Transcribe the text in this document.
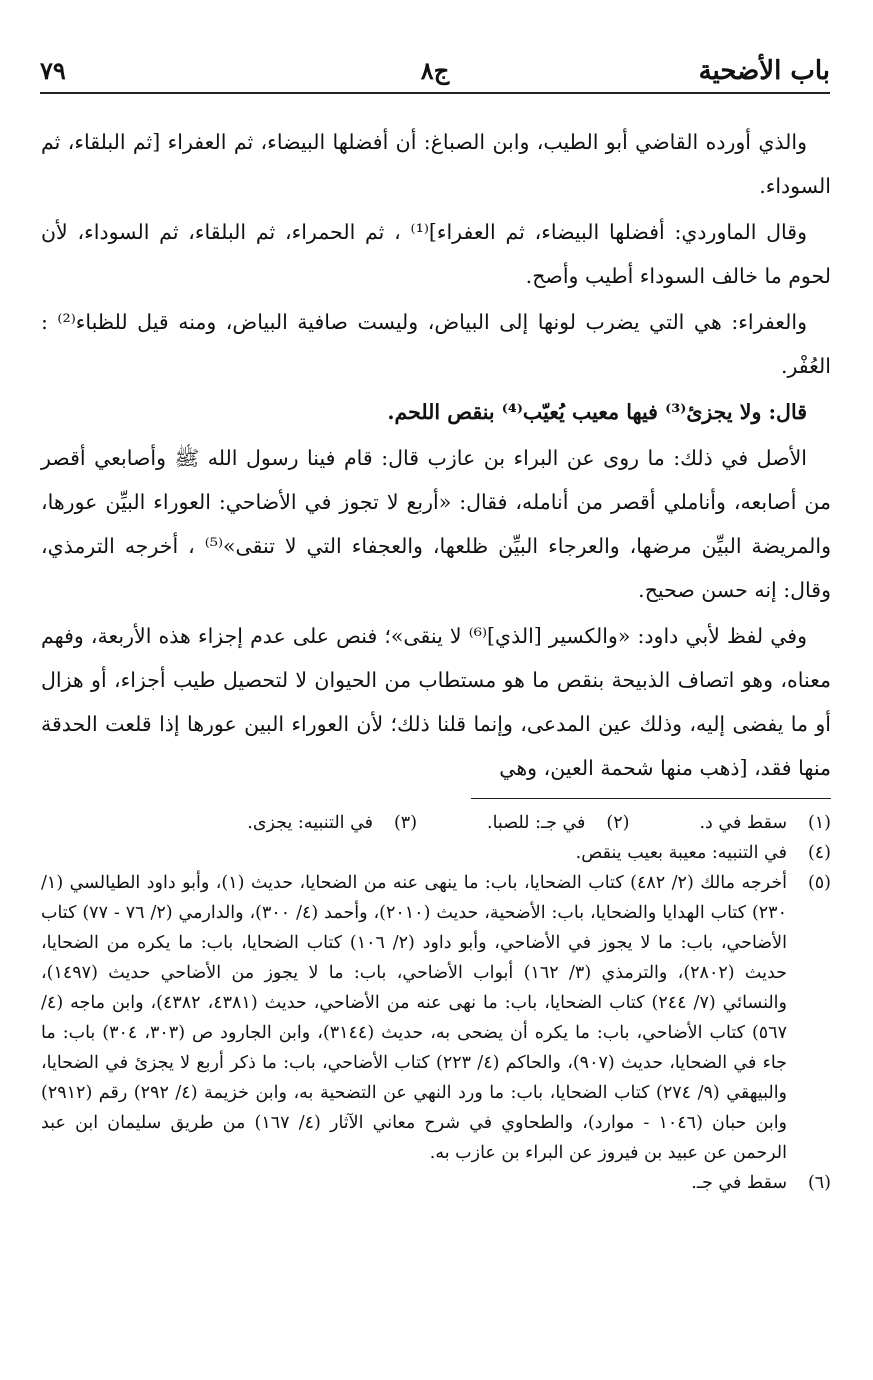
باب الأضحية
ج٨
٧٩

والذي أورده القاضي أبو الطيب، وابن الصباغ: أن أفضلها البيضاء، ثم العفراء [ثم البلقاء، ثم السوداء.

وقال الماوردي: أفضلها البيضاء، ثم العفراء]⁽¹⁾ ، ثم الحمراء، ثم البلقاء، ثم السوداء، لأن لحوم ما خالف السوداء أطيب وأصح.

والعفراء: هي التي يضرب لونها إلى البياض، وليست صافية البياض، ومنه قيل للظباء⁽²⁾ : العُفْر.

قال: ولا يجزئ⁽³⁾ فيها معيب يُعيّب⁽⁴⁾ بنقص اللحم.

الأصل في ذلك: ما روى عن البراء بن عازب قال: قام فينا رسول الله ﷺ وأصابعي أقصر من أصابعه، وأناملي أقصر من أنامله، فقال: «أربع لا تجوز في الأضاحي: العوراء البيِّن عورها، والمريضة البيِّن مرضها، والعرجاء البيِّن ظلعها، والعجفاء التي لا تنقى»⁽⁵⁾ ، أخرجه الترمذي، وقال: إنه حسن صحيح.

وفي لفظ لأبي داود: «والكسير [الذي]⁽⁶⁾ لا ينقى»؛ فنص على عدم إجزاء هذه الأربعة، وفهم معناه، وهو اتصاف الذبيحة بنقص ما هو مستطاب من الحيوان لا لتحصيل طيب أجزاء، أو هزال أو ما يفضى إليه، وذلك عين المدعى، وإنما قلنا ذلك؛ لأن العوراء البين عورها إذا قلعت الحدقة منها فقد، [ذهب منها شحمة العين، وهي

(١)
سقط في د.
(٢)
في جـ: للصبا.
(٣)
في التنبيه: يجزى.
(٤)
في التنبيه: معيبة بعيب ينقص.
(٥)
أخرجه مالك (٢/ ٤٨٢) كتاب الضحايا، باب: ما ينهى عنه من الضحايا، حديث (١)، وأبو داود الطيالسي (١/ ٢٣٠) كتاب الهدايا والضحايا، باب: الأضحية، حديث (٢٠١٠)، وأحمد (٤/ ٣٠٠)، والدارمي (٢/ ٧٦ - ٧٧) كتاب الأضاحي، باب: ما لا يجوز في الأضاحي، وأبو داود (٢/ ١٠٦) كتاب الضحايا، باب: ما يكره من الضحايا، حديث (٢٨٠٢)، والترمذي (٣/ ١٦٢) أبواب الأضاحي، باب: ما لا يجوز من الأضاحي حديث (١٤٩٧)، والنسائي (٧/ ٢٤٤) كتاب الضحايا، باب: ما نهى عنه من الأضاحي، حديث (٤٣٨١، ٤٣٨٢)، وابن ماجه (٤/ ٥٦٧) كتاب الأضاحي، باب: ما يكره أن يضحى به، حديث (٣١٤٤)، وابن الجارود ص (٣٠٣، ٣٠٤) باب: ما جاء في الضحايا، حديث (٩٠٧)، والحاكم (٤/ ٢٢٣) كتاب الأضاحي، باب: ما ذكر أربع لا يجزئ في الضحايا، والبيهقي (٩/ ٢٧٤) كتاب الضحايا، باب: ما ورد النهي عن التضحية به، وابن خزيمة (٤/ ٢٩٢) رقم (٢٩١٢) وابن حبان (١٠٤٦ - موارد)، والطحاوي في شرح معاني الآثار (٤/ ١٦٧) من طريق سليمان ابن عبد الرحمن عن عبيد بن فيروز عن البراء بن عازب به.
(٦)
سقط في جـ.
